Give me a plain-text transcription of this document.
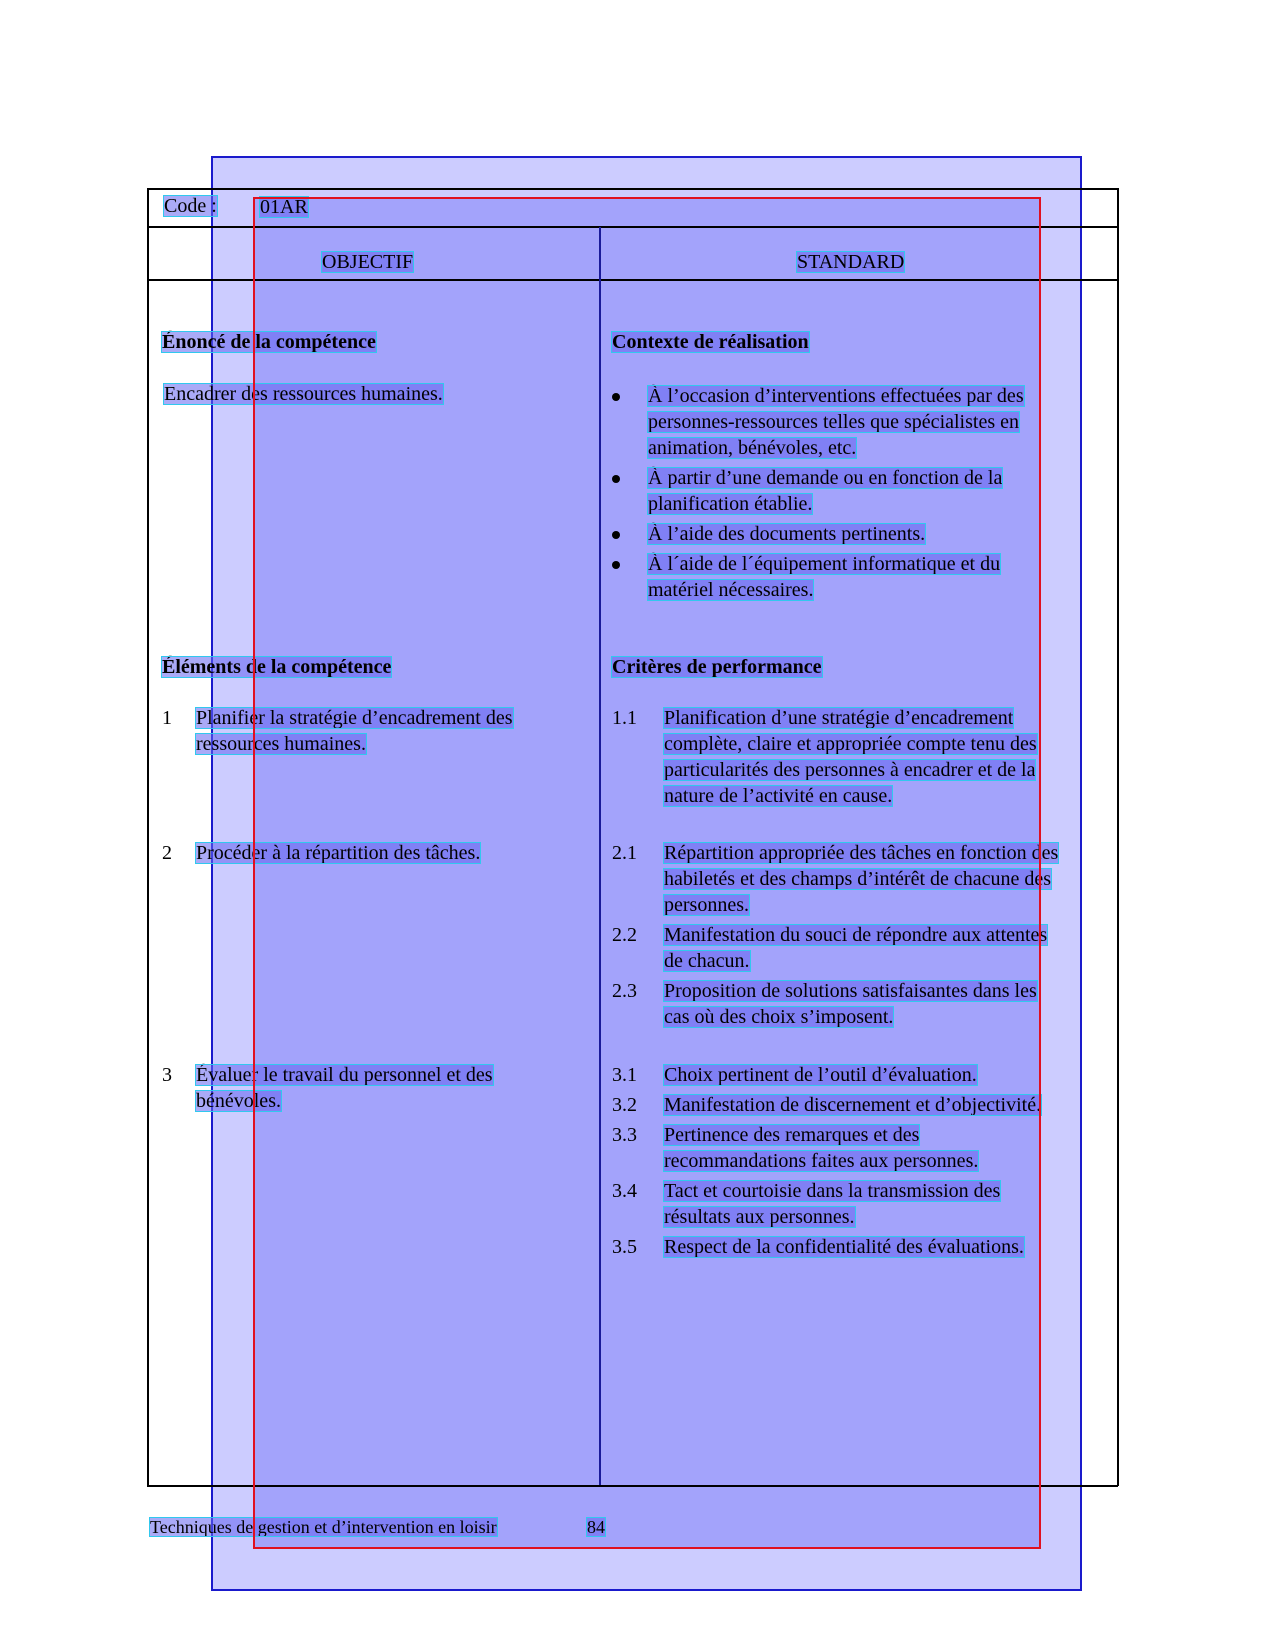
Code : 01AR
OBJECTIF	STANDARD
Énoncé de la compétence
Encadrer des ressources humaines.
Éléments de la compétence
1 Planifier la stratégie d’encadrement des
ressources humaines.
2 Procéder à la répartition des tâches.
3 Évaluer le travail du personnel et des
bénévoles.
Contexte de réalisation
À l’occasion d’interventions effectuées par des
personnes-ressources telles que spécialistes en
animation, bénévoles, etc.
À partir d’une demande ou en fonction de la
planification établie.
À l’aide des documents pertinents.
À l´aide de l´équipement informatique et du
matériel nécessaires.
Critères de performance
1.1 Planification d’une stratégie d’encadrement
complète, claire et appropriée compte tenu des
particularités des personnes à encadrer et de la
nature de l’activité en cause.
2.1 Répartition appropriée des tâches en fonction des
habiletés et des champs d’intérêt de chacune des
personnes.
2.2 Manifestation du souci de répondre aux attentes
de chacun.
2.3 Proposition de solutions satisfaisantes dans les
cas où des choix s’imposent.
3.1 Choix pertinent de l’outil d’évaluation.
3.2 Manifestation de discernement et d’objectivité.
3.3 Pertinence des remarques et des
recommandations faites aux personnes.
3.4 Tact et courtoisie dans la transmission des
résultats aux personnes.
3.5 Respect de la confidentialité des évaluations.
Techniques de gestion et d’intervention en loisir	84
